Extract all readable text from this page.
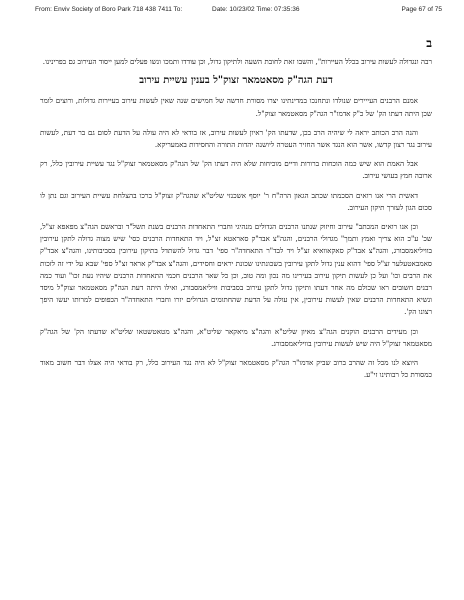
From: Enviv Society of Boro Park 718 438 7411 To:	Date: 10/23/02 Time: 07:35:36	Page 67 of 75
ב

רבה ונגדולה לעשות עירוב בכלל העיירות", והשבו זאת לחובת השעה ולתיקון גדול, וכן עודדו ותמכו ונשו פעלים למען ייסוד העירוב גם בפרינינו.

דעת הגה"ק מסאטמאר זצוק"ל בענין עשיית עירוב

אמנם הרבנים העייירים שנולדו ונתחנכו במדינתינו יצרו מסורת חדשה של חמישים שנה שאין לעשות עירוב בעיירות גדולות, ורוצים לומר שכן היתה דעתו הק' של כ"ק אדמו"ר הגה"ק מסאטמאר זצוק"ל.

והנה הרב הכותב יראה לי שיהיה הרב בכן, שדעתו הק' ראיון לעשות עירוב, אז בודאי לא היה עולה על הדעת לסום גם בר דעת, לעשות עירוב נגד רצון קדשו, אשר הוא הנגד אשר החזיר העטרה ליושנה יהדות התורה והחסידות באמעריקא.

אבל האמת הוא שיש כמה הוכחות ברורות ודיים מוכיחות שלא היה דעתו הק' של הגה"ק מסאטמאר זצוק"ל נגד עשיית עירובין כלל, רק ארובה חמץ בעושי עירוב.

דאשית הרי אנו רואים הסכמתו שכתב הגאון הרה"ח ר' יוסף אשכנזי שליט"א שהגה"ק זצוק"ל ברכו בהצלחת עשיית העירוב וגם נתן לו סכום הגון לעזרך תיקון העירוב.

וכן אנו רואים המכתב" עירוב וחיזוק שנתנו הרבנים הגדולים מנהיגי וחברי התאחדות הרבנים בשנת תשל"ד ובראשם הגה"צ מפאפא זצ"ל, שכ' ע"כ הוא צריך ואמץ ותמך" מגדולי הרבנים, והגה"צ אבד"ק סאראטא זצ"ל, ויד התאחדות הרבנים כסי' שיש מצוה גדולה לתקן עירובין בוויליאמסבורג, והגה"צ אבד"ק סאקאוואיא זצ"ל ויד לבד"ר התאחדה"ר ספי' דבר גדול להשתדל בתיקון עירובין בסביבותינו, והגה"צ אבד"ק סאמבאטעלער זצ"ל ספי' דהוא ענין גדול לתקן עירובין בשכונתינו שכונת יראים וחסידים, והגה"צ אבד"ק אראד זצ"ל ספי' שבא על ידי זה לזכות את הרבים וכו' ועל כן לעשות תיקון עירוב בעירינו מה נכון ומה טוב, וכן כל שאר הרבנים חכמי התאחדות הרבנים שיהיו נעת זכו" ועוד כמה רבנים חשובים ראו שכולם מה אחר דעתו ותיקון גדול לתקן עירוב בסביבות וויליאמסבורג, ואילו היתה דעת הגה"ק מסאטמאר זצוק"ל מיסד ונשיא התאחדות הרבנים שאין לעשות עירובין, אין עולה על הדעת שהחתומים הגדולים יזרו וחברי התאחדה"ר הכפופים למרותו יעשו היפך רצונו הק'.

וכן מעידים הרבנים הוקנים הגה"צ מאיון שליט"א והגה"צ מיאקאר שליט"א, והגה"צ מטאטשטאו שליט"א שדעתו הק' של הגה"ק מסאטמאר זצוק"ל היה שיש לעשות עירובין בוויליאמסבורג.

היוצא לנו מכל זה שהרב ברוב שביק אדמו"ר הגה"ק מסאטמאר זצוק"ל לא היה נגד העירוב כלל, רק בודאי היה אצלו דבר חשוב מאוד כמסורת כל רבותינו זי"ע.
